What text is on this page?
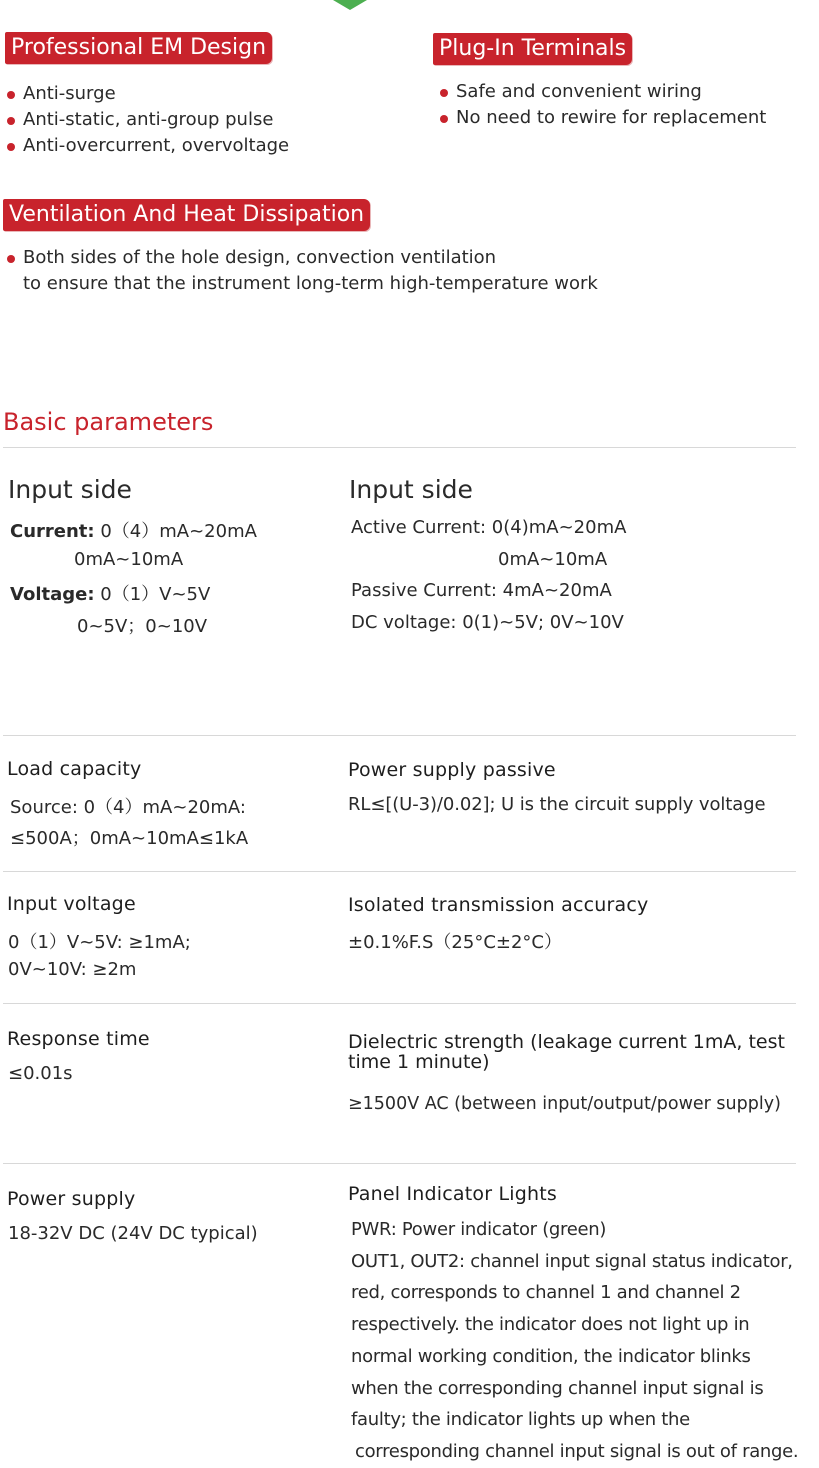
Professional EM Design
Anti-surge
Anti-static, anti-group pulse
Anti-overcurrent, overvoltage
Plug-In Terminals
Safe and convenient wiring
No need to rewire for replacement
Ventilation And Heat Dissipation
Both sides of the hole design, convection ventilation
to ensure that the instrument long-term high-temperature work
Basic parameters
Input side
Current: 0（4）mA~20mA
0mA~10mA
Voltage: 0（1）V~5V
0~5V；0~10V
Input side
Active Current: 0(4)mA~20mA
0mA~10mA
Passive Current: 4mA~20mA
DC voltage: 0(1)~5V; 0V~10V
Load capacity
Source: 0（4）mA~20mA:
≤500A；0mA~10mA≤1kA
Power supply passive
RL≤[(U-3)/0.02]; U is the circuit supply voltage
Input voltage
0（1）V~5V: ≥1mA;
0V~10V: ≥2m
Isolated transmission accuracy
±0.1%F.S（25°C±2°C）
Response time
≤0.01s
Dielectric strength (leakage current 1mA, test time 1 minute)
≥1500V AC (between input/output/power supply)
Power supply
18-32V DC (24V DC typical)
Panel Indicator Lights
PWR: Power indicator (green)
OUT1, OUT2: channel input signal status indicator,
red, corresponds to channel 1 and channel 2
respectively. the indicator does not light up in
normal working condition, the indicator blinks
when the corresponding channel input signal is
faulty; the indicator lights up when the
corresponding channel input signal is out of range.
